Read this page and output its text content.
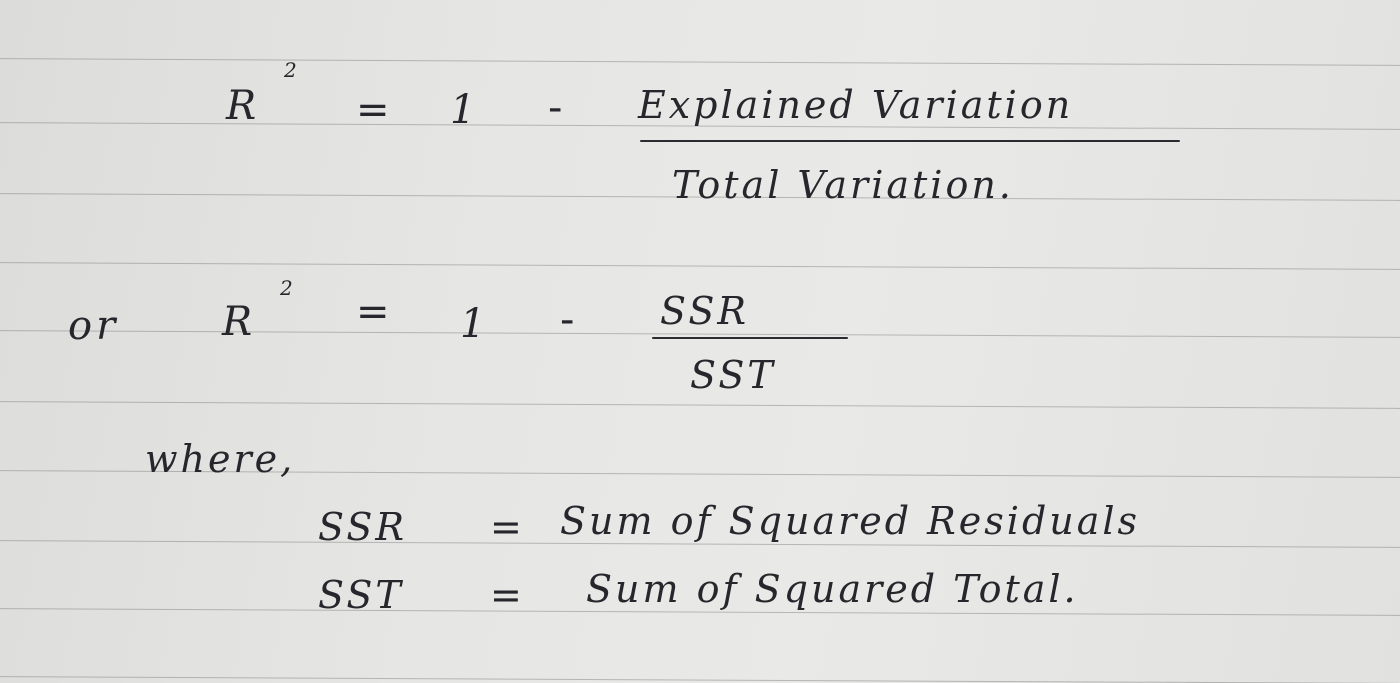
R
2
= 1 - Explained Variation
Total Variation.
or	R
2
= 1 - SSR
SST
where,
SSR = Sum of Squared Residuals
SST = Sum of Squared Total.
